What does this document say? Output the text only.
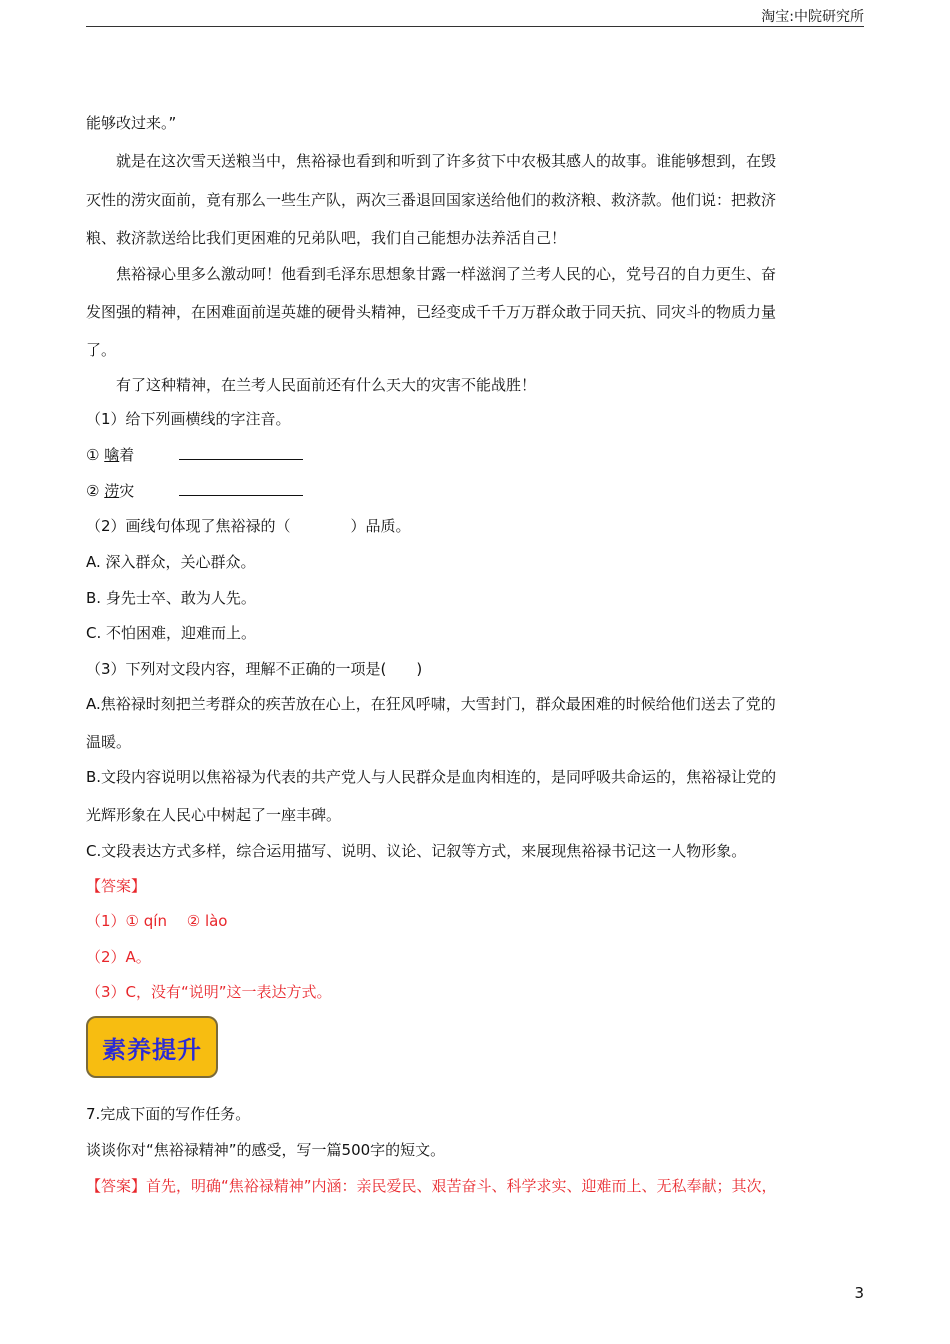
淘宝:中院研究所
能够改过来。”
就是在这次雪天送粮当中，焦裕禄也看到和听到了许多贫下中农极其感人的故事。谁能够想到，在毁
灭性的涝灾面前，竟有那么一些生产队，两次三番退回国家送给他们的救济粮、救济款。他们说：把救济
粮、救济款送给比我们更困难的兄弟队吧，我们自己能想办法养活自己！
焦裕禄心里多么激动呵！他看到毛泽东思想象甘露一样滋润了兰考人民的心，党号召的自力更生、奋
发图强的精神，在困难面前逞英雄的硬骨头精神，已经变成千千万万群众敢于同天抗、同灾斗的物质力量
了。
有了这种精神，在兰考人民面前还有什么天大的灾害不能战胜！
（1）给下列画横线的字注音。
① 噙着
② 涝灾
（2）画线句体现了焦裕禄的（　　　　）品质。
A. 深入群众，关心群众。
B. 身先士卒、敢为人先。
C. 不怕困难，迎难而上。
（3）下列对文段内容，理解不正确的一项是(　　)
A.焦裕禄时刻把兰考群众的疾苦放在心上，在狂风呼啸，大雪封门，群众最困难的时候给他们送去了党的
温暖。
B.文段内容说明以焦裕禄为代表的共产党人与人民群众是血肉相连的，是同呼吸共命运的，焦裕禄让党的
光辉形象在人民心中树起了一座丰碑。
C.文段表达方式多样，综合运用描写、说明、议论、记叙等方式，来展现焦裕禄书记这一人物形象。
【答案】
（1）① qín　 ② lào
（2）A。
（3）C，没有“说明”这一表达方式。
素养提升
7.完成下面的写作任务。
谈谈你对“焦裕禄精神”的感受，写一篇500字的短文。
【答案】首先，明确“焦裕禄精神”内涵：亲民爱民、艰苦奋斗、科学求实、迎难而上、无私奉献；其次，
3
